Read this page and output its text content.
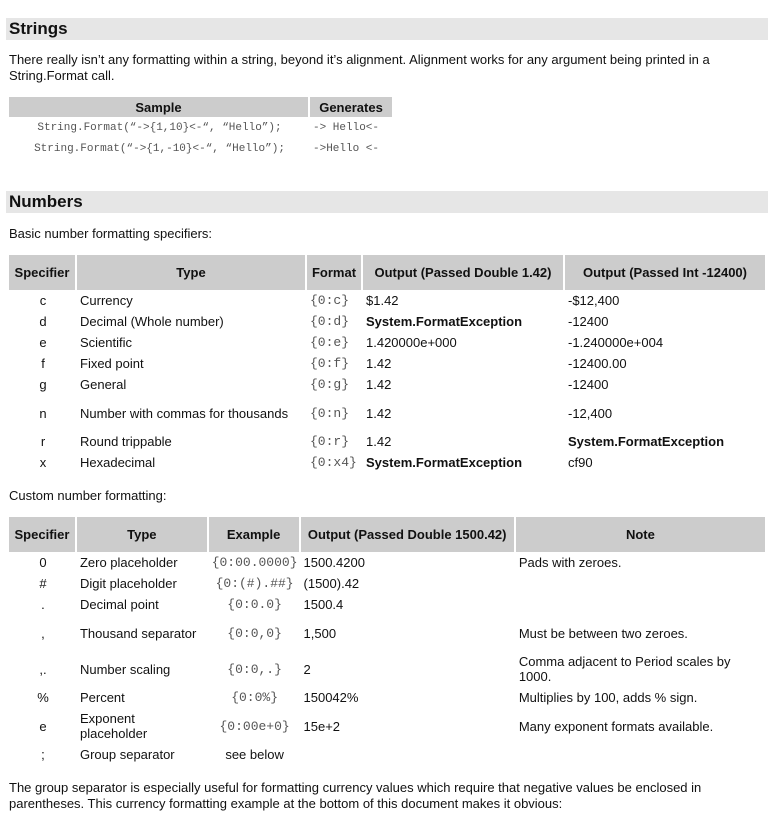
Strings
There really isn’t any formatting within a string, beyond it’s alignment. Alignment works for any argument being printed in a String.Format call.
Sample	Generates
String.Format(“->{1,10}<-“, “Hello”);	-> Hello<-
String.Format(“->{1,-10}<-“, “Hello”);	->Hello <-
Numbers
Basic number formatting specifiers:
Specifier	Type	Format	Output (Passed Double 1.42)	Output (Passed Int -12400)
c	Currency	{0:c}	$1.42	-$12,400
d	Decimal (Whole number)	{0:d}	System.FormatException	-12400
e	Scientific	{0:e}	1.420000e+000	-1.240000e+004
f	Fixed point	{0:f}	1.42	-12400.00
g	General	{0:g}	1.42	-12400
n	Number with commas for thousands	{0:n}	1.42	-12,400
r	Round trippable	{0:r}	1.42	System.FormatException
x	Hexadecimal	{0:x4}	System.FormatException	cf90
Custom number formatting:
Specifier	Type	Example	Output (Passed Double 1500.42)	Note
0	Zero placeholder	{0:00.0000}	1500.4200	Pads with zeroes.
#	Digit placeholder	{0:(#).##}	(1500).42	
.	Decimal point	{0:0.0}	1500.4	
,	Thousand separator	{0:0,0}	1,500	Must be between two zeroes.
,.	Number scaling	{0:0,.}	2	Comma adjacent to Period scales by 1000.
%	Percent	{0:0%}	150042%	Multiplies by 100, adds % sign.
e	Exponent placeholder	{0:00e+0}	15e+2	Many exponent formats available.
;	Group separator	see below		
The group separator is especially useful for formatting currency values which require that negative values be enclosed in parentheses. This currency formatting example at the bottom of this document makes it obvious:
